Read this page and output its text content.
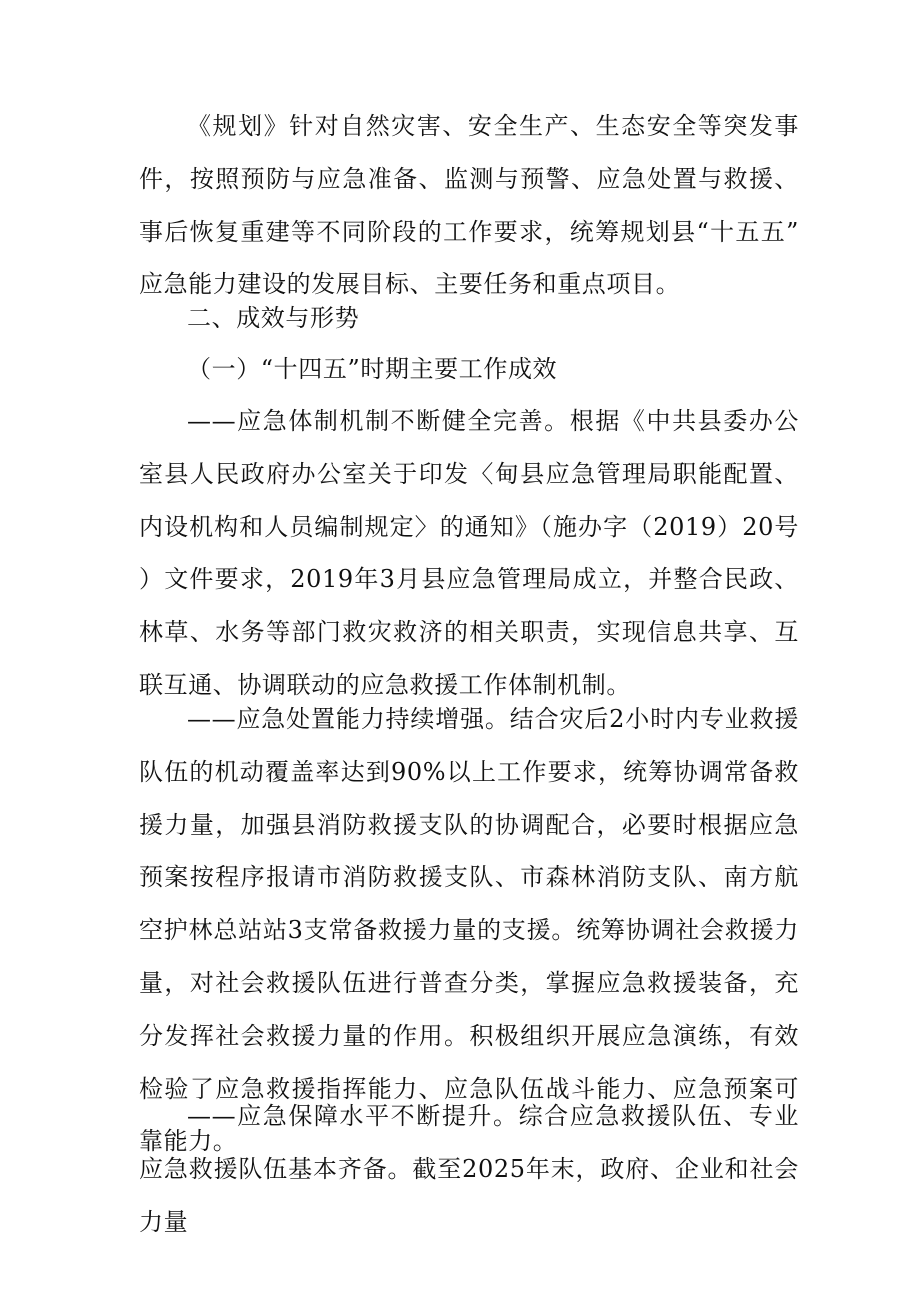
《规划》针对自然灾害、安全生产、生态安全等突发事件，按照预防与应急准备、监测与预警、应急处置与救援、事后恢复重建等不同阶段的工作要求，统筹规划县“十五五”应急能力建设的发展目标、主要任务和重点项目。

二、成效与形势

（一）“十四五”时期主要工作成效

——应急体制机制不断健全完善。根据《中共县委办公室县人民政府办公室关于印发〈甸县应急管理局职能配置、内设机构和人员编制规定〉的通知》（施办字（2019）20号）文件要求，2019年3月县应急管理局成立，并整合民政、林草、水务等部门救灾救济的相关职责，实现信息共享、互联互通、协调联动的应急救援工作体制机制。

——应急处置能力持续增强。结合灾后2小时内专业救援队伍的机动覆盖率达到90%以上工作要求，统筹协调常备救援力量，加强县消防救援支队的协调配合，必要时根据应急预案按程序报请市消防救援支队、市森林消防支队、南方航空护林总站站3支常备救援力量的支援。统筹协调社会救援力量，对社会救援队伍进行普查分类，掌握应急救援装备，充分发挥社会救援力量的作用。积极组织开展应急演练，有效检验了应急救援指挥能力、应急队伍战斗能力、应急预案可靠能力。

——应急保障水平不断提升。综合应急救援队伍、专业应急救援队伍基本齐备。截至2025年末，政府、企业和社会力量
